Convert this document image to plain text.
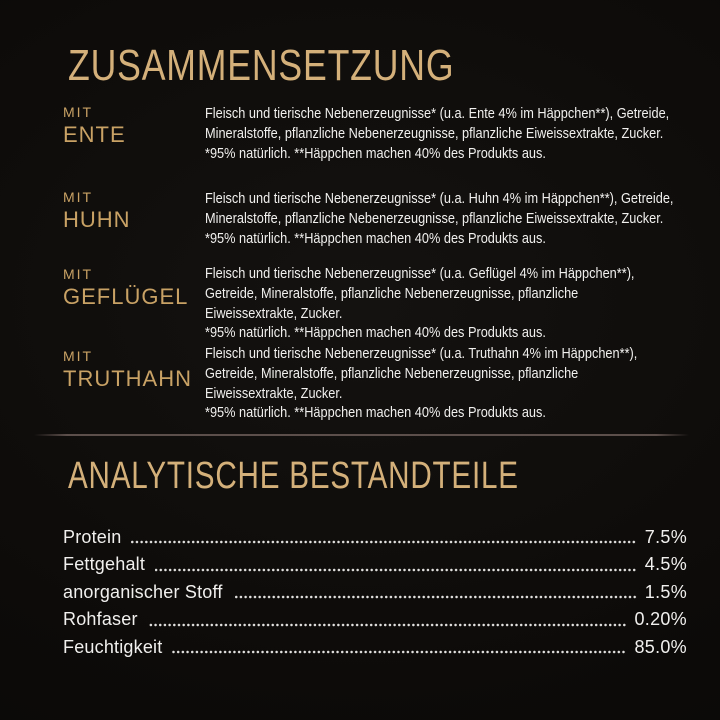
ZUSAMMENSETZUNG
MIT
ENTE
Fleisch und tierische Nebenerzeugnisse* (u.a. Ente 4% im Häppchen**), Getreide,
Mineralstoffe, pflanzliche Nebenerzeugnisse, pflanzliche Eiweissextrakte, Zucker.
*95% natürlich. **Häppchen machen 40% des Produkts aus.
MIT
HUHN
Fleisch und tierische Nebenerzeugnisse* (u.a. Huhn 4% im Häppchen**), Getreide,
Mineralstoffe, pflanzliche Nebenerzeugnisse, pflanzliche Eiweissextrakte, Zucker.
*95% natürlich. **Häppchen machen 40% des Produkts aus.
MIT
GEFLÜGEL
Fleisch und tierische Nebenerzeugnisse* (u.a. Geflügel 4% im Häppchen**),
Getreide, Mineralstoffe, pflanzliche Nebenerzeugnisse, pflanzliche
Eiweissextrakte, Zucker.
*95% natürlich. **Häppchen machen 40% des Produkts aus.
MIT
TRUTHAHN
Fleisch und tierische Nebenerzeugnisse* (u.a. Truthahn 4% im Häppchen**),
Getreide, Mineralstoffe, pflanzliche Nebenerzeugnisse, pflanzliche
Eiweissextrakte, Zucker.
*95% natürlich. **Häppchen machen 40% des Produkts aus.
ANALYTISCHE BESTANDTEILE
Protein	7.5%
Fettgehalt	4.5%
anorganischer Stoff	1.5%
Rohfaser	0.20%
Feuchtigkeit	85.0%
